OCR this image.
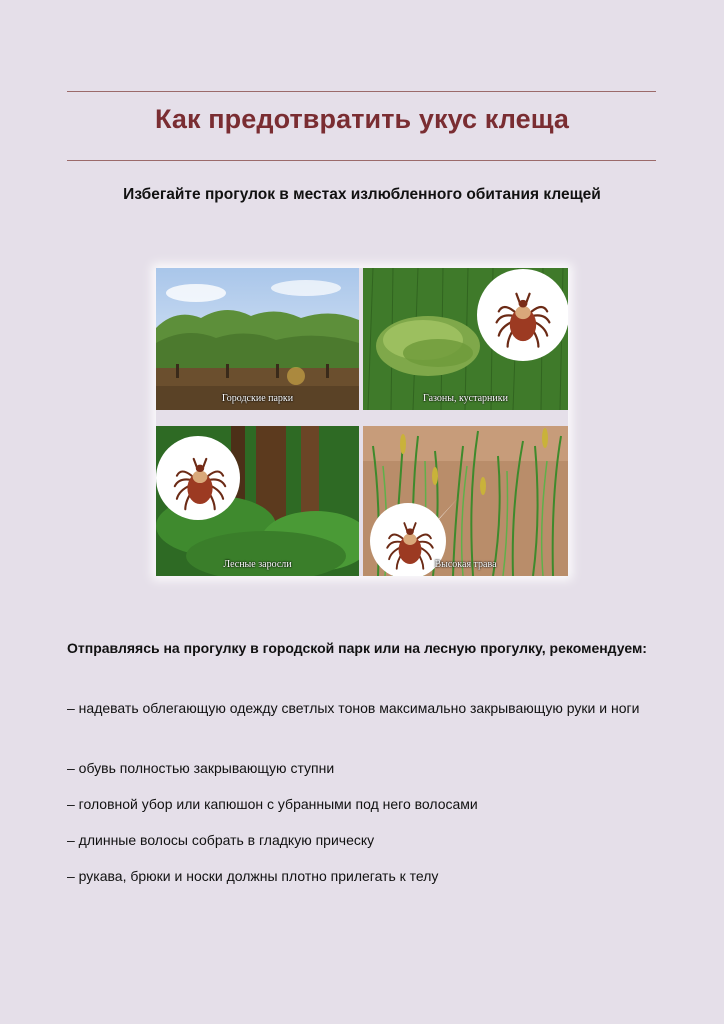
Как предотвратить укус клеща
Избегайте прогулок в местах излюбленного обитания клещей
Городские парки	Газоны, кустарники
Лесные заросли	Высокая трава
Отправляясь на прогулку в городской парк или на лесную прогулку, рекомендуем:
– надевать облегающую одежду светлых тонов максимально закрывающую руки и ноги
– обувь полностью закрывающую ступни
– головной убор или капюшон с убранными под него волосами
– длинные волосы собрать в гладкую прическу
– рукава, брюки и носки должны плотно прилегать к телу
